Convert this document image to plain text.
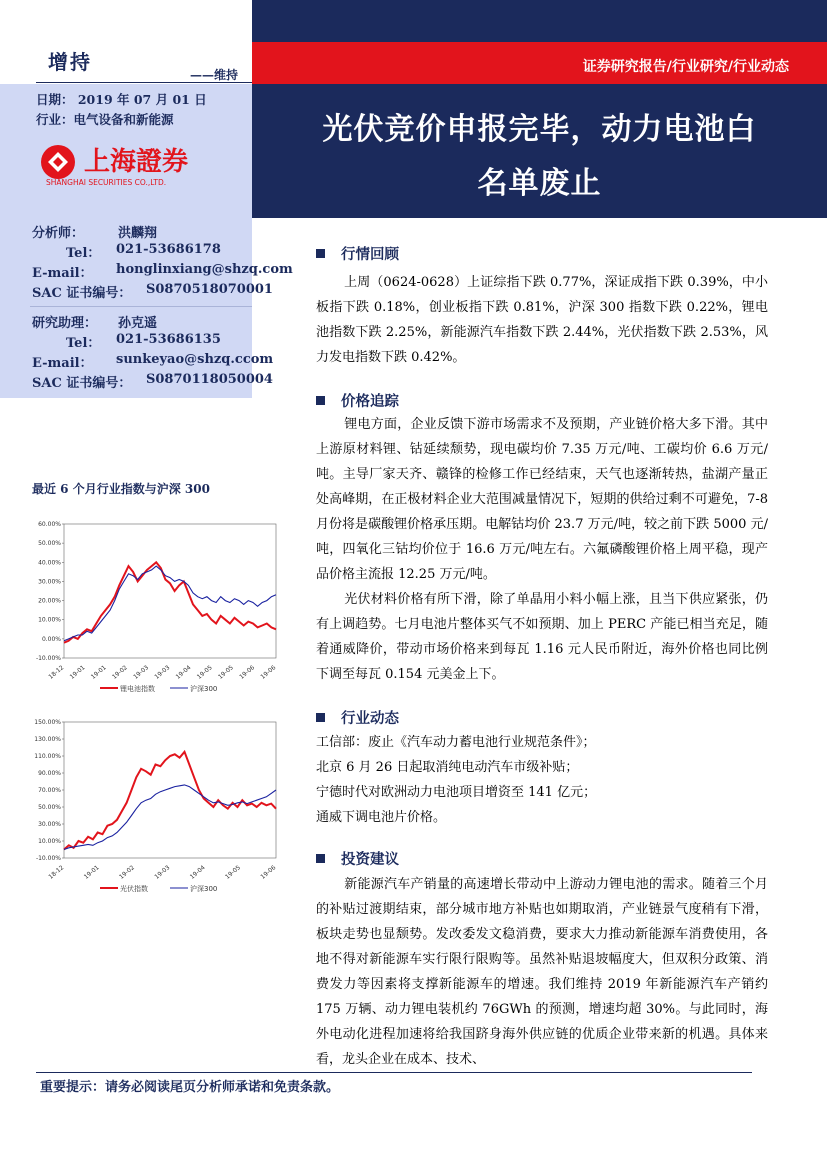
增持
——维持
日期： 2019 年 07 月 01 日
行业：电气设备和新能源
上海證券
SHANGHAI SECURITIES CO.,LTD.
分析师：	洪麟翔
Tel： 021-53686178
E-mail： honglinxiang@shzq.com
SAC 证书编号： S0870518070001
研究助理： 孙克遥
Tel： 021-53686135
E-mail： sunkeyao@shzq.ccom
SAC 证书编号： S0870118050004
证券研究报告/行业研究/行业动态
光伏竞价申报完毕，动力电池白
名单废止
最近 6 个月行业指数与沪深 300
-10.00%
0.00%
10.00%
20.00%
30.00%
40.00%
50.00%
60.00%
18-12 19-01 19-01 19-02 19-03 19-03 19-04 19-05 19-05 19-06 19-06
锂电池指数	沪深300
-10.00%
10.00%
30.00%
50.00%
70.00%
90.00%
110.00%
130.00%
150.00%
18-12	19-01	19-02	19-03	19-04	19-05	19-06
光伏指数	沪深300
行情回顾

上周（0624-0628）上证综指下跌 0.77%，深证成指下跌 0.39%，中小板指下跌 0.18%，创业板指下跌 0.81%，沪深 300 指数下跌 0.22%，锂电池指数下跌 2.25%，新能源汽车指数下跌 2.44%，光伏指数下跌 2.53%，风力发电指数下跌 0.42%。

价格追踪

锂电方面，企业反馈下游市场需求不及预期，产业链价格大多下滑。其中上游原材料锂、钴延续颓势，现电碳均价 7.35 万元/吨、工碳均价 6.6 万元/吨。主导厂家天齐、赣锋的检修工作已经结束，天气也逐渐转热，盐湖产量正处高峰期，在正极材料企业大范围减量情况下，短期的供给过剩不可避免，7-8 月份将是碳酸锂价格承压期。电解钴均价 23.7 万元/吨，较之前下跌 5000 元/吨，四氧化三钴均价位于 16.6 万元/吨左右。六氟磷酸锂价格上周平稳，现产品价格主流报 12.25 万元/吨。

光伏材料价格有所下滑，除了单晶用小料小幅上涨，且当下供应紧张，仍有上调趋势。七月电池片整体买气不如预期、加上 PERC 产能已相当充足，随着通威降价，带动市场价格来到每瓦 1.16 元人民币附近，海外价格也同比例下调至每瓦 0.154 元美金上下。

行业动态
工信部：废止《汽车动力蓄电池行业规范条件》；
北京 6 月 26 日起取消纯电动汽车市级补贴；
宁德时代对欧洲动力电池项目增资至 141 亿元；
通威下调电池片价格。
投资建议

新能源汽车产销量的高速增长带动中上游动力锂电池的需求。随着三个月的补贴过渡期结束，部分城市地方补贴也如期取消，产业链景气度稍有下滑，板块走势也显颓势。发改委发文稳消费，要求大力推动新能源车消费使用，各地不得对新能源车实行限行限购等。虽然补贴退坡幅度大，但双积分政策、消费发力等因素将支撑新能源车的增速。我们维持 2019 年新能源汽车产销约 175 万辆、动力锂电装机约 76GWh 的预测，增速均超 30%。与此同时，海外电动化进程加速将给我国跻身海外供应链的优质企业带来新的机遇。具体来看，龙头企业在成本、技术、

重要提示：请务必阅读尾页分析师承诺和免责条款。
